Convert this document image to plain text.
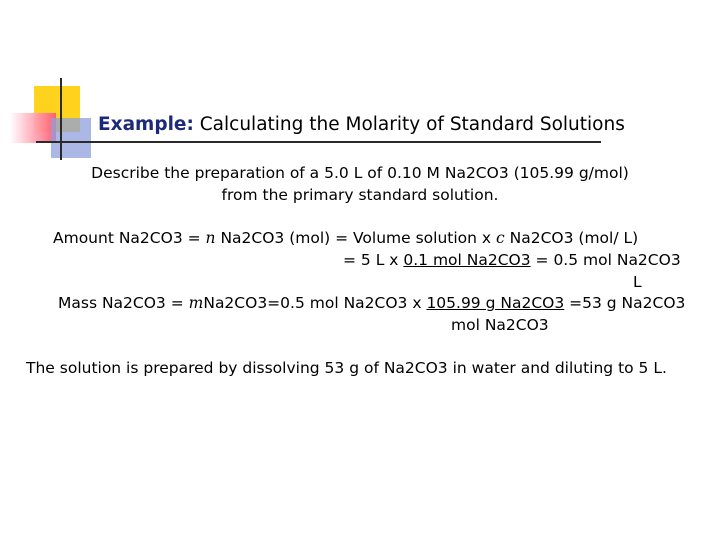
Example: Calculating the Molarity of Standard Solutions
Describe the preparation of a 5.0 L of 0.10 M Na2CO3 (105.99 g/mol)
from the primary standard solution.
Amount Na2CO3 = n Na2CO3 (mol) = Volume solution x c Na2CO3 (mol/ L)
= 5 L x 0.1 mol Na2CO3 = 0.5 mol Na2CO3
L
Mass Na2CO3 = mNa2CO3=0.5 mol Na2CO3 x 105.99 g Na2CO3 =53 g Na2CO3
mol Na2CO3
The solution is prepared by dissolving 53 g of Na2CO3 in water and diluting to 5 L.
